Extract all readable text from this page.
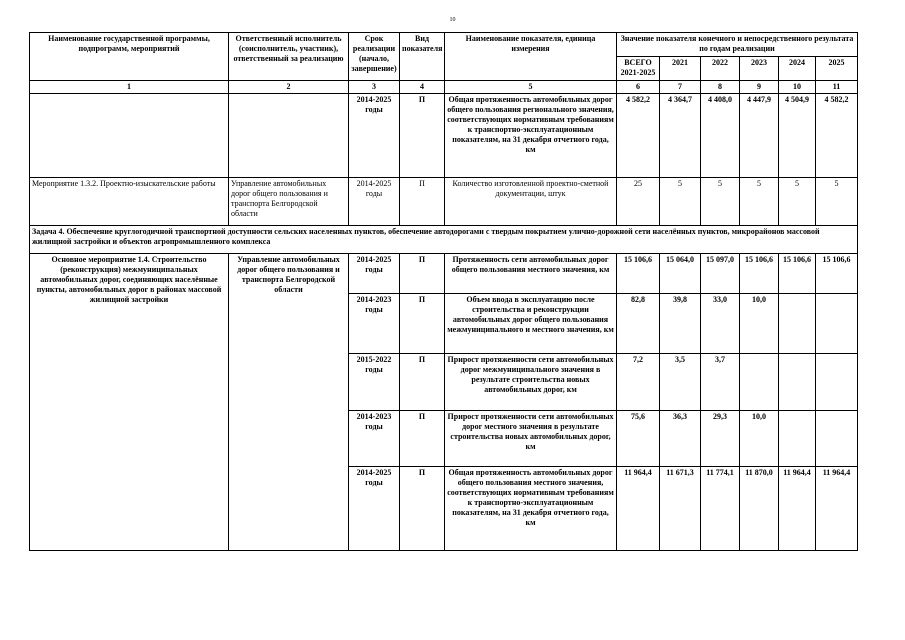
10
Наименование государственной программы, подпрограмм, мероприятий	Ответственный исполнитель (соисполнитель, участник), ответственный за реализацию	Срок реализации (начало, завершение)	Вид показателя	Наименование показателя, единица измерения	Значение показателя конечного и непосредственного результата по годам реализации					
					ВСЕГО 2021-2025	2021	2022	2023	2024	2025
1	2	3	4	5	6	7	8	9	10	11
		2014-2025 годы	П	Общая протяженность автомобильных дорог общего пользования регионального значения, соответствующих нормативным требованиям к транспортно-эксплуатационным показателям, на 31 декабря отчетного года, км	4 582,2	4 364,7	4 408,0	4 447,9	4 504,9	4 582,2
Мероприятие 1.3.2. Проектно-изыскательские работы	Управление автомобильных дорог общего пользования и транспорта Белгородской области	2014-2025 годы	П	Количество изготовленной проектно-сметной документации, штук	25	5	5	5	5	5
Задача 4. Обеспечение круглогодичной транспортной доступности сельских населенных пунктов, обеспечение автодорогами с твердым покрытием улично-дорожной сети населённых пунктов, микрорайонов массовой жилищной застройки и объектов агропромышленного комплекса										
Основное мероприятие 1.4. Строительство (реконструкция) межмуниципальных автомобильных дорог, соединяющих населённые пункты, автомобильных дорог в районах массовой жилищной застройки	Управление автомобильных дорог общего пользования и транспорта Белгородской области	2014-2025 годы	П	Протяженность сети автомобильных дорог общего пользования местного значения, км	15 106,6	15 064,0	15 097,0	15 106,6	15 106,6	15 106,6
		2014-2023 годы	П	Объем ввода в эксплуатацию после строительства и реконструкции автомобильных дорог общего пользования межмуниципального и местного значения, км	82,8	39,8	33,0	10,0		
		2015-2022 годы	П	Прирост протяженности сети автомобильных дорог межмуниципального значения в результате строительства новых автомобильных дорог, км	7,2	3,5	3,7			
		2014-2023 годы	П	Прирост протяженности сети автомобильных дорог местного значения в результате строительства новых автомобильных дорог, км	75,6	36,3	29,3	10,0		
		2014-2025 годы	П	Общая протяженность автомобильных дорог общего пользования местного значения, соответствующих нормативным требованиям к транспортно-эксплуатационным показателям, на 31 декабря отчетного года, км	11 964,4	11 671,3	11 774,1	11 870,0	11 964,4	11 964,4
